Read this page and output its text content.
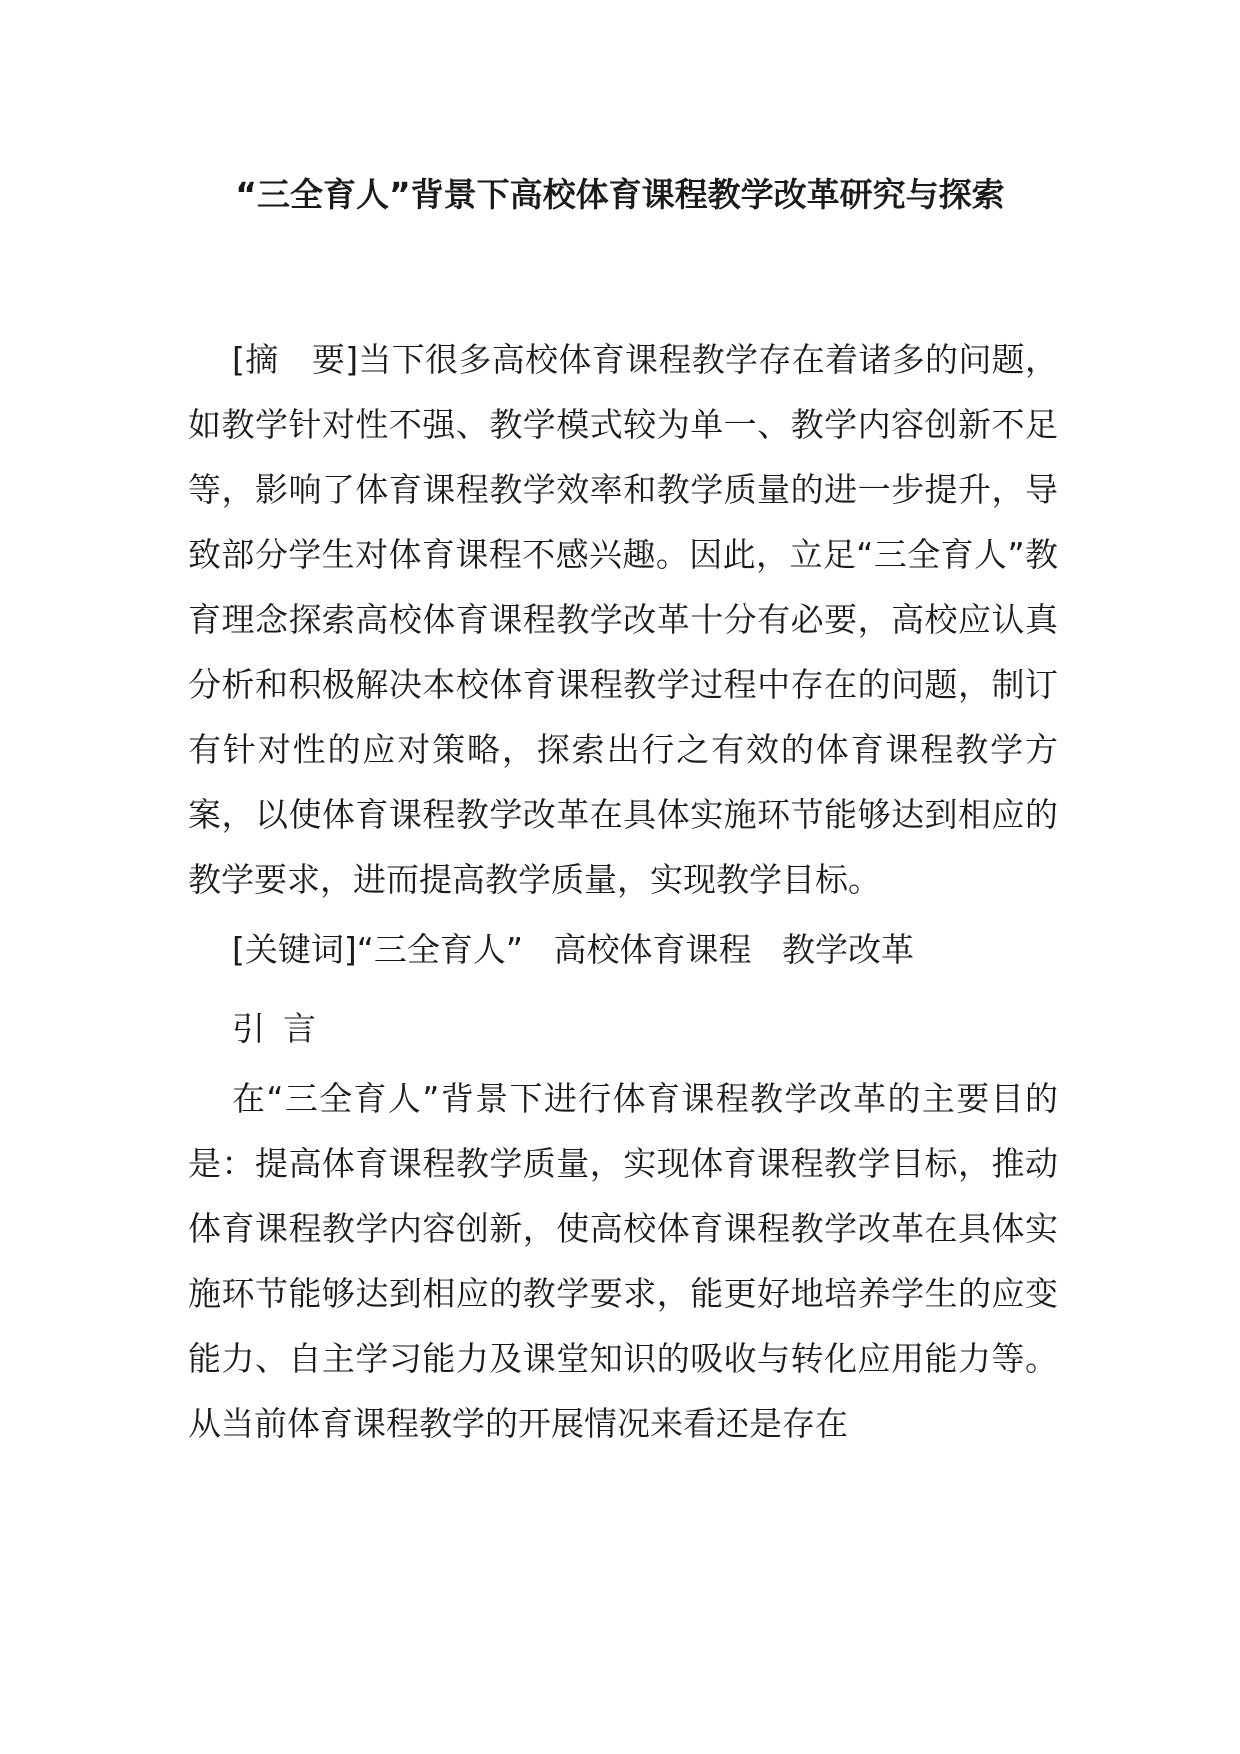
“三全育人”背景下高校体育课程教学改革研究与探索

[摘　要]当下很多高校体育课程教学存在着诸多的问题，如教学针对性不强、教学模式较为单一、教学内容创新不足等，影响了体育课程教学效率和教学质量的进一步提升，导致部分学生对体育课程不感兴趣。因此，立足“三全育人”教育理念探索高校体育课程教学改革十分有必要，高校应认真分析和积极解决本校体育课程教学过程中存在的问题，制订有针对性的应对策略，探索出行之有效的体育课程教学方案，以使体育课程教学改革在具体实施环节能够达到相应的教学要求，进而提高教学质量，实现教学目标。

[关键词]“三全育人” 高校体育课程 教学改革

引言

在“三全育人”背景下进行体育课程教学改革的主要目的是：提高体育课程教学质量，实现体育课程教学目标，推动体育课程教学内容创新，使高校体育课程教学改革在具体实施环节能够达到相应的教学要求，能更好地培养学生的应变能力、自主学习能力及课堂知识的吸收与转化应用能力等。从当前体育课程教学的开展情况来看还是存在
